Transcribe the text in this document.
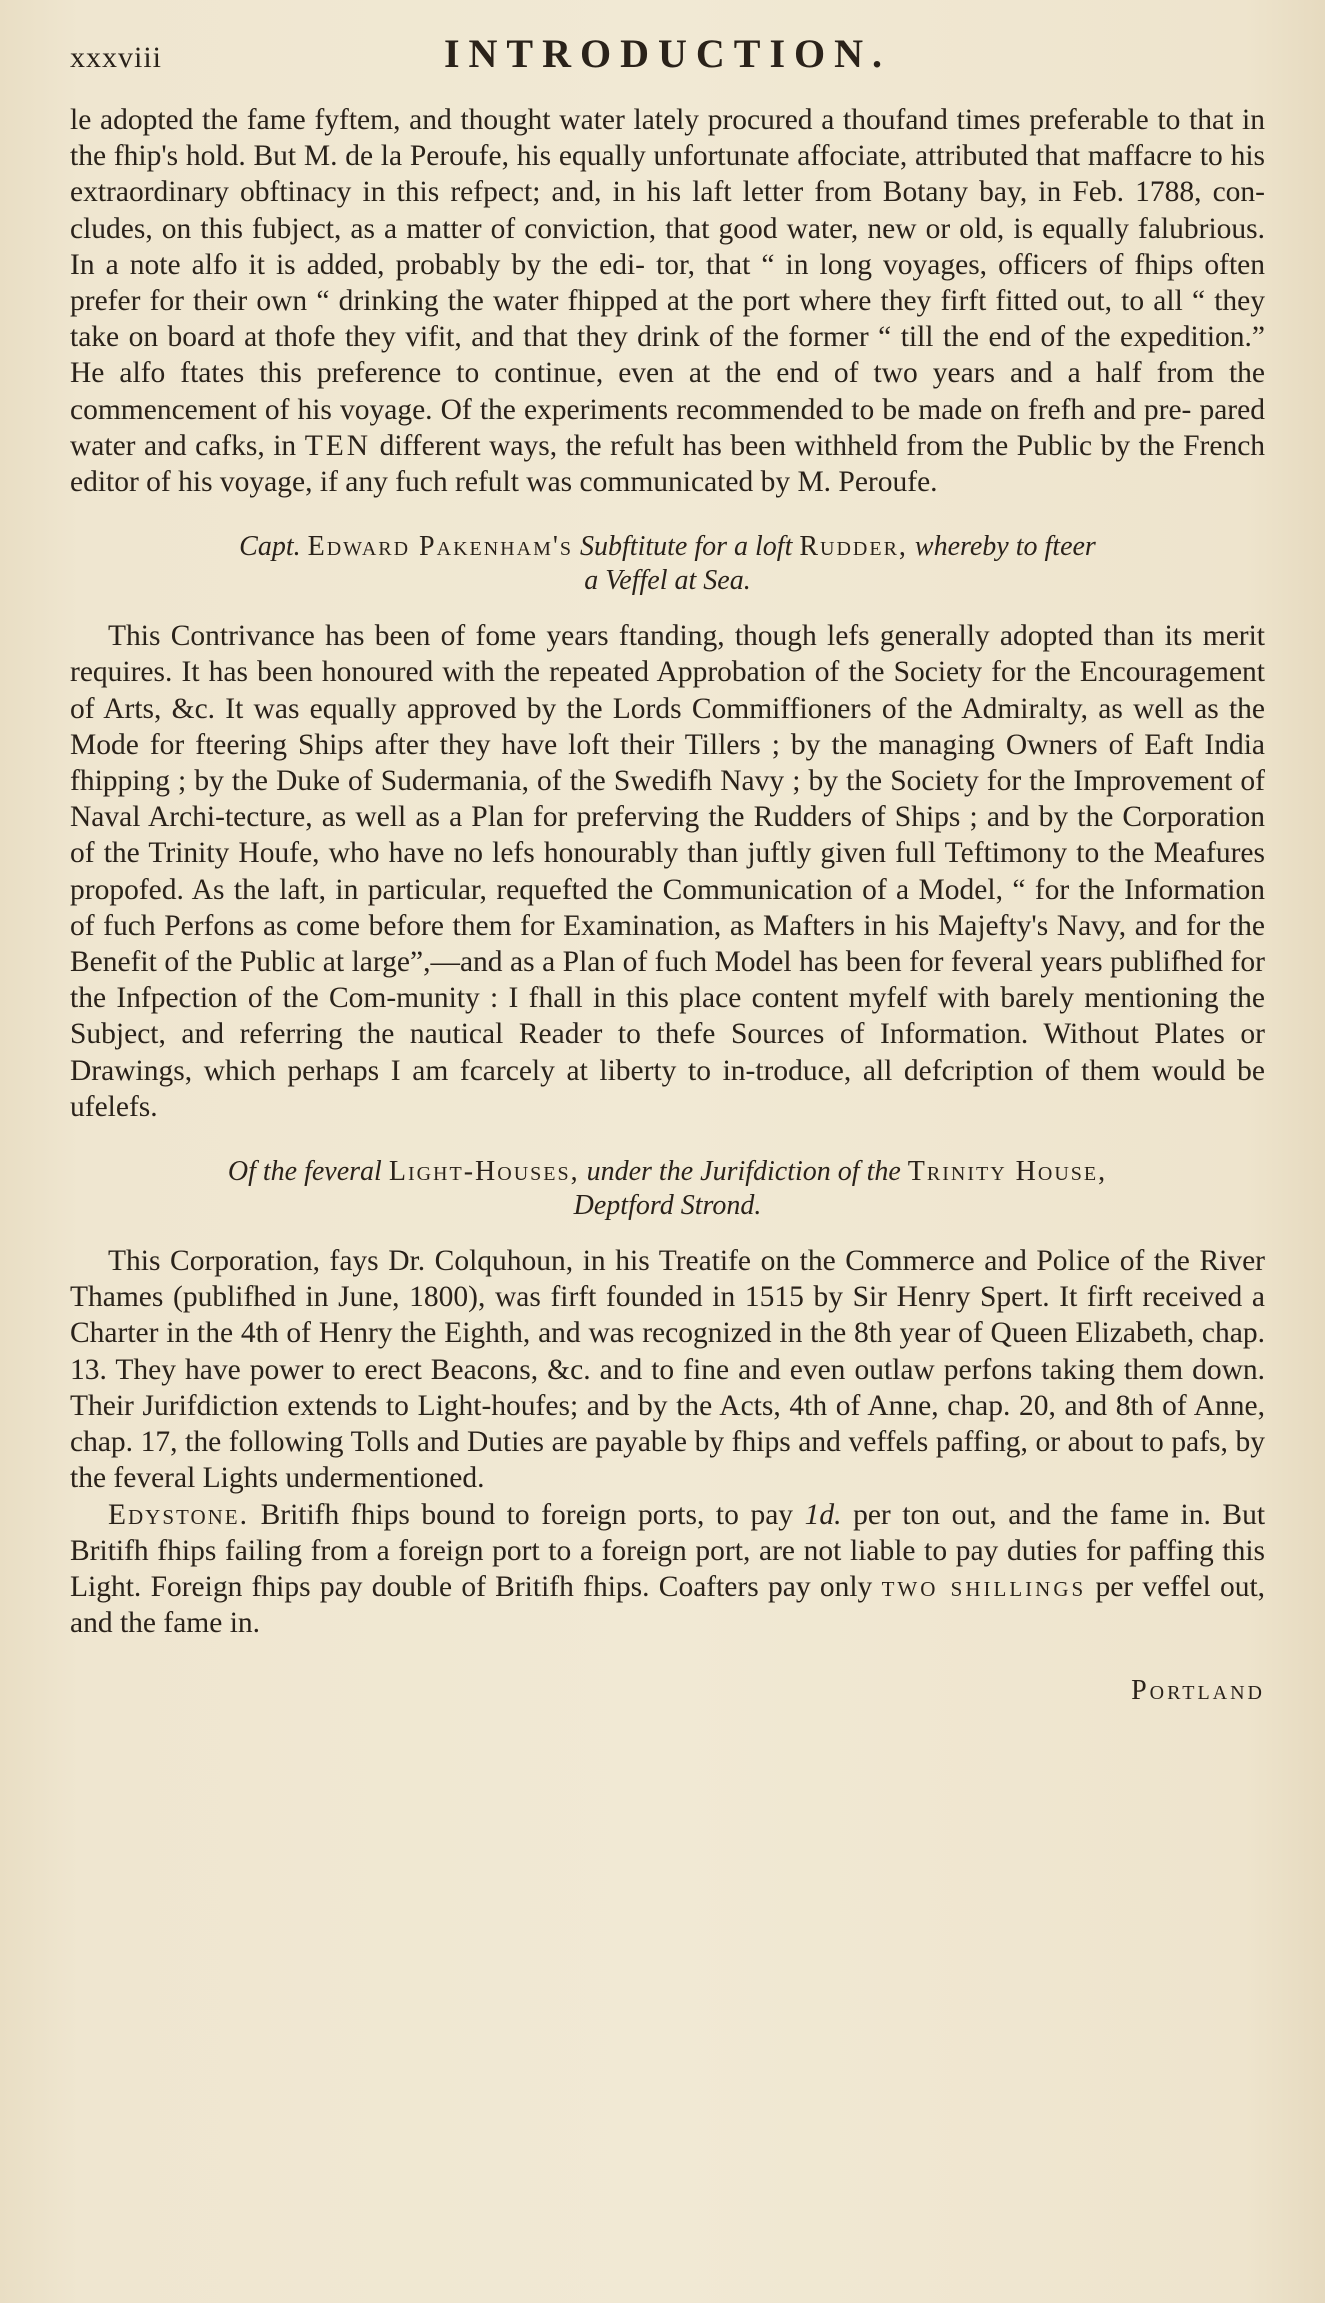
xxxviii	INTRODUCTION.

le adopted the fame fyftem, and thought water lately procured a thoufand times preferable to that in the fhip's hold. But M. de la Peroufe, his equally unfortunate affociate, attributed that maffacre to his extraordinary obftinacy in this refpect; and, in his laft letter from Botany bay, in Feb. 1788, con- cludes, on this fubject, as a matter of conviction, that good water, new or old, is equally falubrious. In a note alfo it is added, probably by the edi- tor, that “ in long voyages, officers of fhips often prefer for their own “ drinking the water fhipped at the port where they firft fitted out, to all “ they take on board at thofe they vifit, and that they drink of the former “ till the end of the expedition.” He alfo ftates this preference to continue, even at the end of two years and a half from the commencement of his voyage. Of the experiments recommended to be made on frefh and pre- pared water and cafks, in TEN different ways, the refult has been withheld from the Public by the French editor of his voyage, if any fuch refult was communicated by M. Peroufe.

Capt. Edward Pakenham's Subftitute for a loft Rudder, whereby to fteer
a Veffel at Sea.

This Contrivance has been of fome years ftanding, though lefs generally adopted than its merit requires. It has been honoured with the repeated Approbation of the Society for the Encouragement of Arts, &c. It was equally approved by the Lords Commiffioners of the Admiralty, as well as the Mode for fteering Ships after they have loft their Tillers ; by the managing Owners of Eaft India fhipping ; by the Duke of Sudermania, of the Swedifh Navy ; by the Society for the Improvement of Naval Archi-tecture, as well as a Plan for preferving the Rudders of Ships ; and by the Corporation of the Trinity Houfe, who have no lefs honourably than juftly given full Teftimony to the Meafures propofed. As the laft, in particular, requefted the Communication of a Model, “ for the Information of fuch Perfons as come before them for Examination, as Mafters in his Majefty's Navy, and for the Benefit of the Public at large”,—and as a Plan of fuch Model has been for feveral years publifhed for the Infpection of the Com-munity : I fhall in this place content myfelf with barely mentioning the Subject, and referring the nautical Reader to thefe Sources of Information. Without Plates or Drawings, which perhaps I am fcarcely at liberty to in-troduce, all defcription of them would be ufelefs.

Of the feveral Light-Houses, under the Jurifdiction of the Trinity House,
Deptford Strond.

This Corporation, fays Dr. Colquhoun, in his Treatife on the Commerce and Police of the River Thames (publifhed in June, 1800), was firft founded in 1515 by Sir Henry Spert. It firft received a Charter in the 4th of Henry the Eighth, and was recognized in the 8th year of Queen Elizabeth, chap. 13. They have power to erect Beacons, &c. and to fine and even outlaw perfons taking them down. Their Jurifdiction extends to Light-houfes; and by the Acts, 4th of Anne, chap. 20, and 8th of Anne, chap. 17, the following Tolls and Duties are payable by fhips and veffels paffing, or about to pafs, by the feveral Lights undermentioned.

Edystone. Britifh fhips bound to foreign ports, to pay 1d. per ton out, and the fame in. But Britifh fhips failing from a foreign port to a foreign port, are not liable to pay duties for paffing this Light. Foreign fhips pay double of Britifh fhips. Coafters pay only two shillings per veffel out, and the fame in.

Portland
